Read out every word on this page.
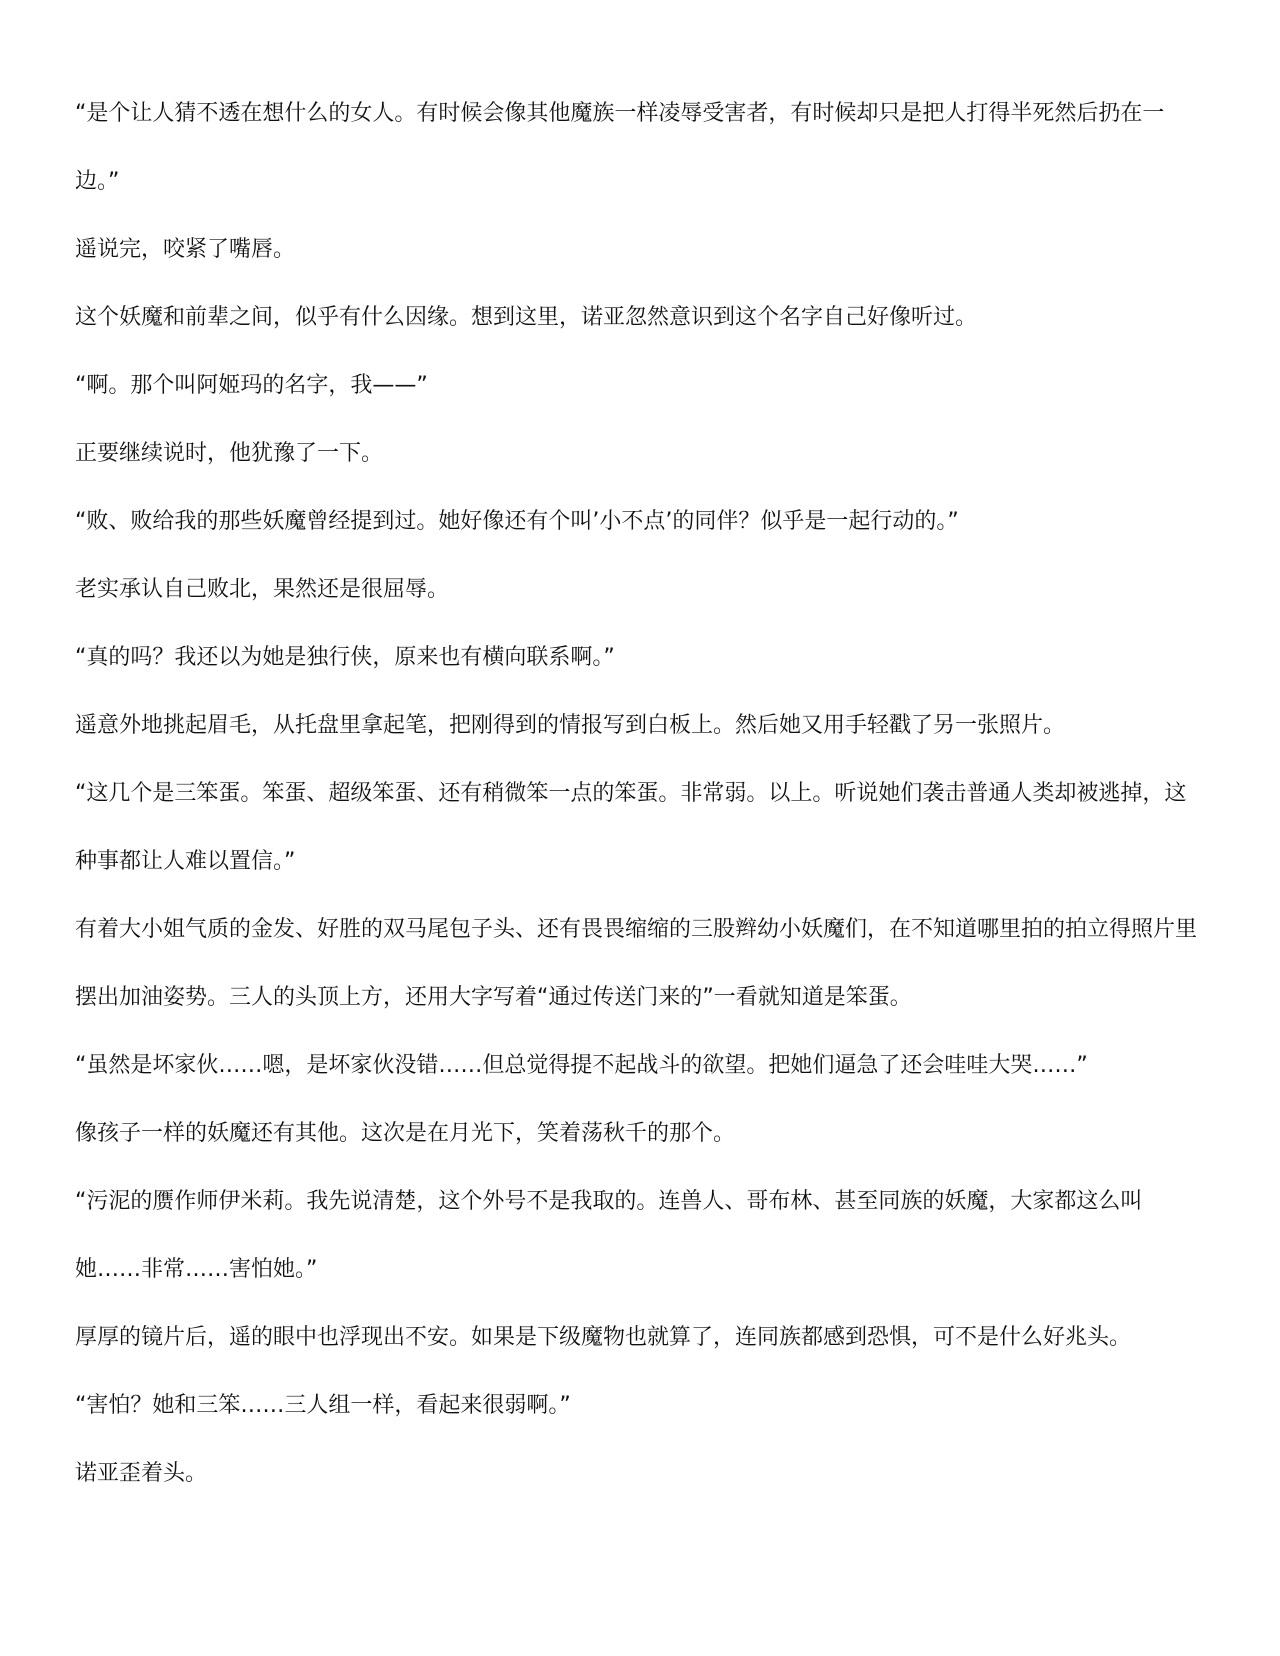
“是个让人猜不透在想什么的女人。有时候会像其他魔族一样凌辱受害者，有时候却只是把人打得半死然后扔在一边。”

遥说完，咬紧了嘴唇。

这个妖魔和前辈之间，似乎有什么因缘。想到这里，诺亚忽然意识到这个名字自己好像听过。

“啊。那个叫阿姬玛的名字，我——”

正要继续说时，他犹豫了一下。

“败、败给我的那些妖魔曾经提到过。她好像还有个叫’小不点’的同伴？似乎是一起行动的。”

老实承认自己败北，果然还是很屈辱。

“真的吗？我还以为她是独行侠，原来也有横向联系啊。”

遥意外地挑起眉毛，从托盘里拿起笔，把刚得到的情报写到白板上。然后她又用手轻戳了另一张照片。

“这几个是三笨蛋。笨蛋、超级笨蛋、还有稍微笨一点的笨蛋。非常弱。以上。听说她们袭击普通人类却被逃掉，这种事都让人难以置信。”

有着大小姐气质的金发、好胜的双马尾包子头、还有畏畏缩缩的三股辫幼小妖魔们，在不知道哪里拍的拍立得照片里摆出加油姿势。三人的头顶上方，还用大字写着“通过传送门来的”一看就知道是笨蛋。

“虽然是坏家伙……嗯，是坏家伙没错……但总觉得提不起战斗的欲望。把她们逼急了还会哇哇大哭……”

像孩子一样的妖魔还有其他。这次是在月光下，笑着荡秋千的那个。

“污泥的赝作师伊米莉。我先说清楚，这个外号不是我取的。连兽人、哥布林、甚至同族的妖魔，大家都这么叫她……非常……害怕她。”

厚厚的镜片后，遥的眼中也浮现出不安。如果是下级魔物也就算了，连同族都感到恐惧，可不是什么好兆头。

“害怕？她和三笨……三人组一样，看起来很弱啊。”

诺亚歪着头。
